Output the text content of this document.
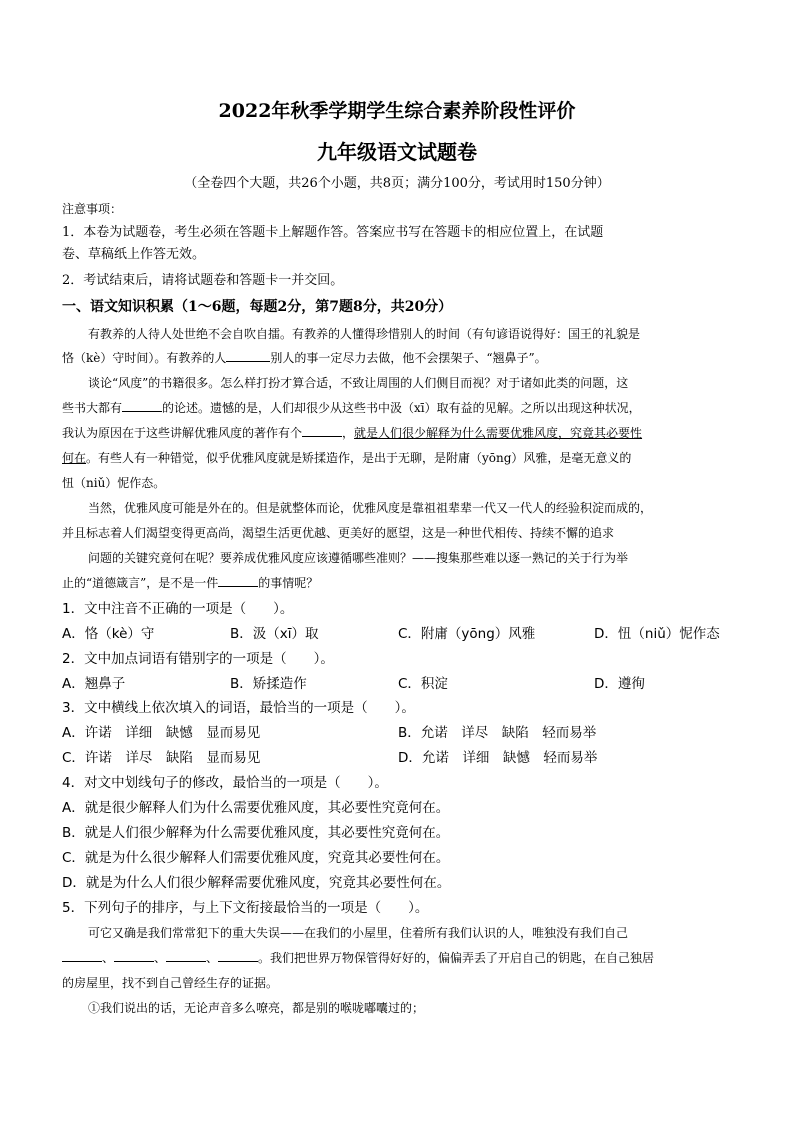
2022年秋季学期学生综合素养阶段性评价
九年级语文试题卷
（全卷四个大题，共26个小题，共8页；满分100分，考试用时150分钟）
注意事项：
1．本卷为试题卷，考生必须在答题卡上解题作答。答案应书写在答题卡的相应位置上，在试题
卷、草稿纸上作答无效。
2．考试结束后，请将试题卷和答题卡一并交回。
一、语文知识积累（1～6题，每题2分，第7题8分，共20分）
有教养的人待人处世绝不会自吹自擂。有教养的人懂得珍惜别人的时间（有句谚语说得好：国王的礼貌是
恪（kè）守时间）。有教养的人	别人的事一定尽力去做，他不会摆架子、“翘鼻子”。
谈论“风度”的书籍很多。怎么样打扮才算合适，不致让周围的人们侧目而视？对于诸如此类的问题，这
些书大都有	的论述。遗憾的是，人们却很少从这些书中汲（xī）取有益的见解。之所以出现这种状况，
我认为原因在于这些讲解优雅风度的著作有个	，就是人们很少解释为什么需要优雅风度，究竟其必要性
何在。有些人有一种错觉，似乎优雅风度就是矫揉造作，是出于无聊，是附庸（yōng）风雅，是毫无意义的
忸（niǔ）怩作态。
当然，优雅风度可能是外在的。但是就整体而论，优雅风度是靠祖祖辈辈一代又一代人的经验积淀而成的，
并且标志着人们渴望变得更高尚，渴望生活更优越、更美好的愿望，这是一种世代相传、持续不懈的追求
问题的关键究竟何在呢？要养成优雅风度应该遵循哪些准则？——搜集那些难以逐一熟记的关于行为举
止的“道德箴言”，是不是一件	的事情呢？
1．文中注音不正确的一项是（　　）。
A．恪（kè）守	B．汲（xī）取	C．附庸（yōng）风雅	D．忸（niǔ）怩作态
2．文中加点词语有错别字的一项是（　　）。
A．翘鼻子	B．矫揉造作	C．积淀	D．遵徇
3．文中横线上依次填入的词语，最恰当的一项是（　　）。
A．许诺　详细　缺憾　显而易见	B．允诺　详尽　缺陷　轻而易举
C．许诺　详尽　缺陷　显而易见	D．允诺　详细　缺憾　轻而易举
4．对文中划线句子的修改，最恰当的一项是（　　）。
A．就是很少解释人们为什么需要优雅风度，其必要性究竟何在。
B．就是人们很少解释为什么需要优雅风度，其必要性究竟何在。
C．就是为什么很少解释人们需要优雅风度，究竟其必要性何在。
D．就是为什么人们很少解释需要优雅风度，究竟其必要性何在。
5．下列句子的排序，与上下文衔接最恰当的一项是（　　）。
可它又确是我们常常犯下的重大失误——在我们的小屋里，住着所有我们认识的人，唯独没有我们自己
、	、	、	。我们把世界万物保管得好好的，偏偏弄丢了开启自己的钥匙，在自己独居
的房屋里，找不到自己曾经生存的证据。
①我们说出的话，无论声音多么嘹亮，都是别的喉咙嘟囔过的；
